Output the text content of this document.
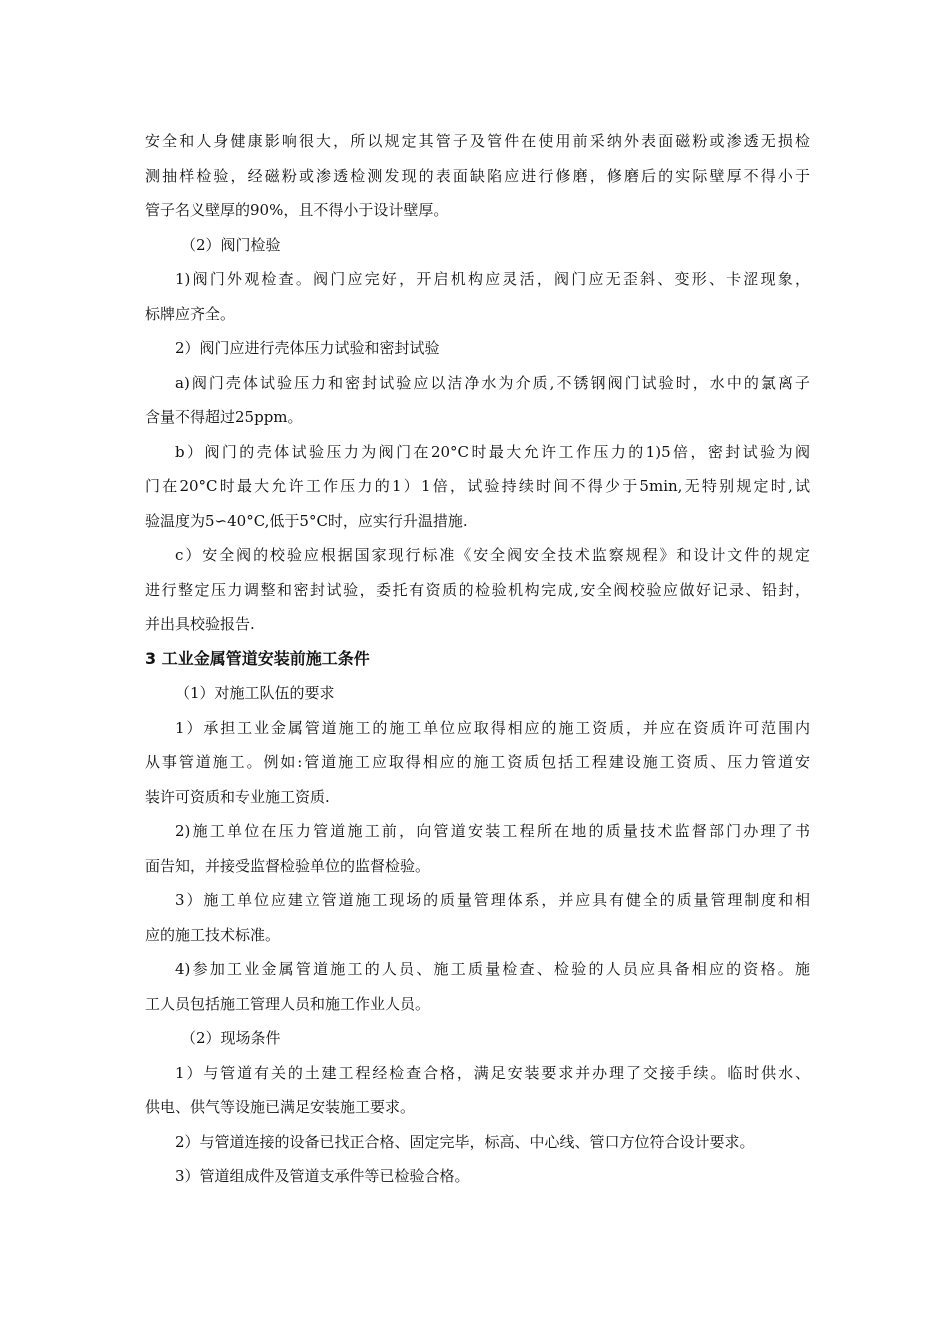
安全和人身健康影响很大，所以规定其管子及管件在使用前采纳外表面磁粉或渗透无损检
测抽样检验，经磁粉或渗透检测发现的表面缺陷应进行修磨，修磨后的实际壁厚不得小于
管子名义壁厚的90%，且不得小于设计壁厚。
（2）阀门检验
1)阀门外观检查。阀门应完好，开启机构应灵活，阀门应无歪斜、变形、卡涩现象，
标牌应齐全。
2）阀门应进行壳体压力试验和密封试验
a)阀门壳体试验压力和密封试验应以洁净水为介质,不锈钢阀门试验时，水中的氯离子
含量不得超过25ppm。
b）阀门的壳体试验压力为阀门在20°C时最大允许工作压力的1)5倍，密封试验为阀
门在20°C时最大允许工作压力的1）1倍，试验持续时间不得少于5min,无特别规定时,试
验温度为5∽40°C,低于5°C时，应实行升温措施.
c）安全阀的校验应根据国家现行标准《安全阀安全技术监察规程》和设计文件的规定
进行整定压力调整和密封试验，委托有资质的检验机构完成,安全阀校验应做好记录、铅封，
并出具校验报告.
3 工业金属管道安装前施工条件
（1）对施工队伍的要求
1）承担工业金属管道施工的施工单位应取得相应的施工资质，并应在资质许可范围内
从事管道施工。例如:管道施工应取得相应的施工资质包括工程建设施工资质、压力管道安
装许可资质和专业施工资质.
2)施工单位在压力管道施工前，向管道安装工程所在地的质量技术监督部门办理了书
面告知，并接受监督检验单位的监督检验。
3）施工单位应建立管道施工现场的质量管理体系，并应具有健全的质量管理制度和相
应的施工技术标准。
4)参加工业金属管道施工的人员、施工质量检查、检验的人员应具备相应的资格。施
工人员包括施工管理人员和施工作业人员。
（2）现场条件
1）与管道有关的土建工程经检查合格，满足安装要求并办理了交接手续。临时供水、
供电、供气等设施已满足安装施工要求。
2）与管道连接的设备已找正合格、固定完毕，标高、中心线、管口方位符合设计要求。
3）管道组成件及管道支承件等已检验合格。
